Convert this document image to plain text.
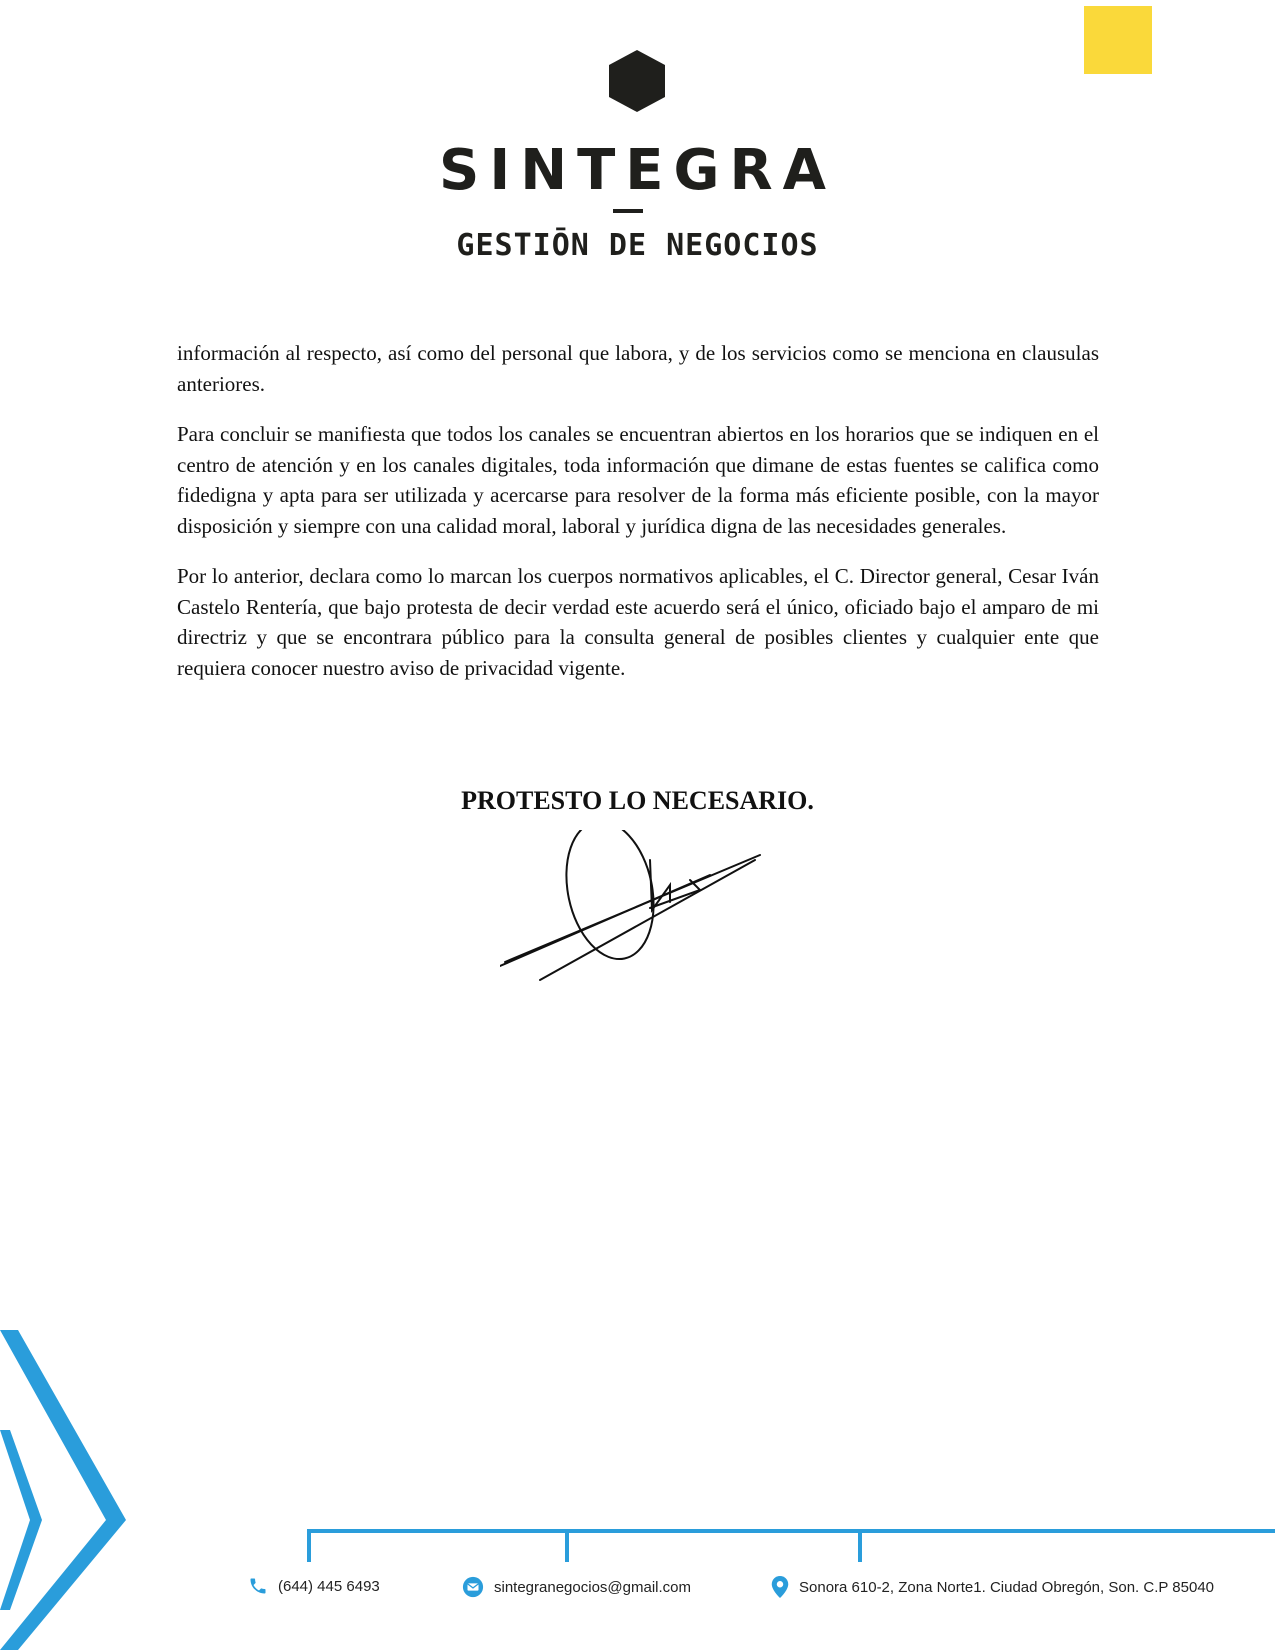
SINTEGRA
GESTIŌN DE NEGOCIOS

información al respecto, así como del personal que labora, y de los servicios como se menciona en clausulas anteriores.

Para concluir se manifiesta que todos los canales se encuentran abiertos en los horarios que se indiquen en el centro de atención y en los canales digitales, toda información que dimane de estas fuentes se califica como fidedigna y apta para ser utilizada y acercarse para resolver de la forma más eficiente posible, con la mayor disposición y siempre con una calidad moral, laboral y jurídica digna de las necesidades generales.

Por lo anterior, declara como lo marcan los cuerpos normativos aplicables, el C. Director general, Cesar Iván Castelo Rentería, que bajo protesta de decir verdad este acuerdo será el único, oficiado bajo el amparo de mi directriz y que se encontrara público para la consulta general de posibles clientes y cualquier ente que requiera conocer nuestro aviso de privacidad vigente.

PROTESTO LO NECESARIO.
(644) 445 6493	sintegranegocios@gmail.com	Sonora 610-2, Zona Norte1. Ciudad Obregón, Son. C.P 85040
